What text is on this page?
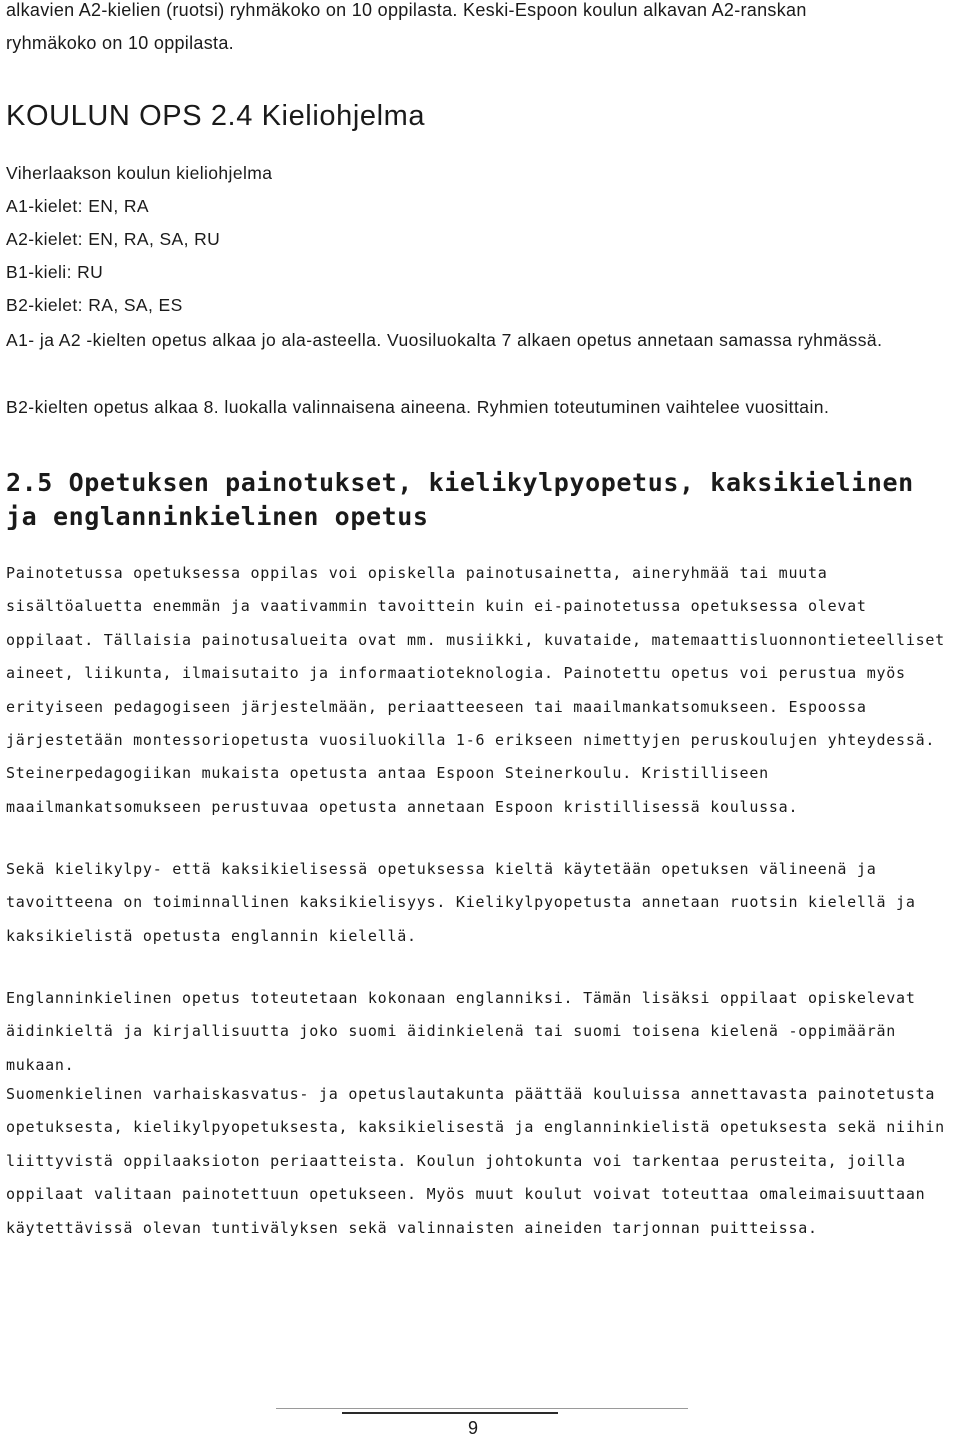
alkavien A2-kielien (ruotsi) ryhmäkoko on 10 oppilasta. Keski-Espoon koulun alkavan A2-ranskan
ryhmäkoko on 10 oppilasta.

KOULUN OPS 2.4 Kieliohjelma
Viherlaakson koulun kieliohjelma
A1-kielet: EN, RA
A2-kielet: EN, RA, SA, RU
B1-kieli: RU
B2-kielet: RA, SA, ES

A1- ja A2 -kielten opetus alkaa jo ala-asteella. Vuosiluokalta 7 alkaen opetus annetaan samassa ryhmässä.

B2-kielten opetus alkaa 8. luokalla valinnaisena aineena. Ryhmien toteutuminen vaihtelee vuosittain.

2.5 Opetuksen painotukset, kielikylpyopetus, kaksikielinen ja englanninkielinen opetus

Painotetussa opetuksessa oppilas voi opiskella painotusainetta, aineryhmää tai muuta sisältöaluetta enemmän ja vaativammin tavoittein kuin ei-painotetussa opetuksessa olevat oppilaat. Tällaisia painotusalueita ovat mm. musiikki, kuvataide, matemaattisluonnontieteelliset aineet, liikunta, ilmaisutaito ja informaatioteknologia. Painotettu opetus voi perustua myös erityiseen pedagogiseen järjestelmään, periaatteeseen tai maailmankatsomukseen. Espoossa järjestetään montessoriopetusta vuosiluokilla 1-6 erikseen nimettyjen peruskoulujen yhteydessä. Steinerpedagogiikan mukaista opetusta antaa Espoon Steinerkoulu. Kristilliseen maailmankatsomukseen perustuvaa opetusta annetaan Espoon kristillisessä koulussa.

Sekä kielikylpy- että kaksikielisessä opetuksessa kieltä käytetään opetuksen välineenä ja tavoitteena on toiminnallinen kaksikielisyys. Kielikylpyopetusta annetaan ruotsin kielellä ja kaksikielistä opetusta englannin kielellä.

Englanninkielinen opetus toteutetaan kokonaan englanniksi. Tämän lisäksi oppilaat opiskelevat äidinkieltä ja kirjallisuutta joko suomi äidinkielenä tai suomi toisena kielenä -oppimäärän mukaan.

Suomenkielinen varhaiskasvatus- ja opetuslautakunta päättää kouluissa annettavasta painotetusta opetuksesta, kielikylpyopetuksesta, kaksikielisestä ja englanninkielistä opetuksesta sekä niihin liittyvistä oppilaaksioton periaatteista. Koulun johtokunta voi tarkentaa perusteita, joilla oppilaat valitaan painotettuun opetukseen. Myös muut koulut voivat toteuttaa omaleimaisuuttaan käytettävissä olevan tuntivälyksen sekä valinnaisten aineiden tarjonnan puitteissa.

9
